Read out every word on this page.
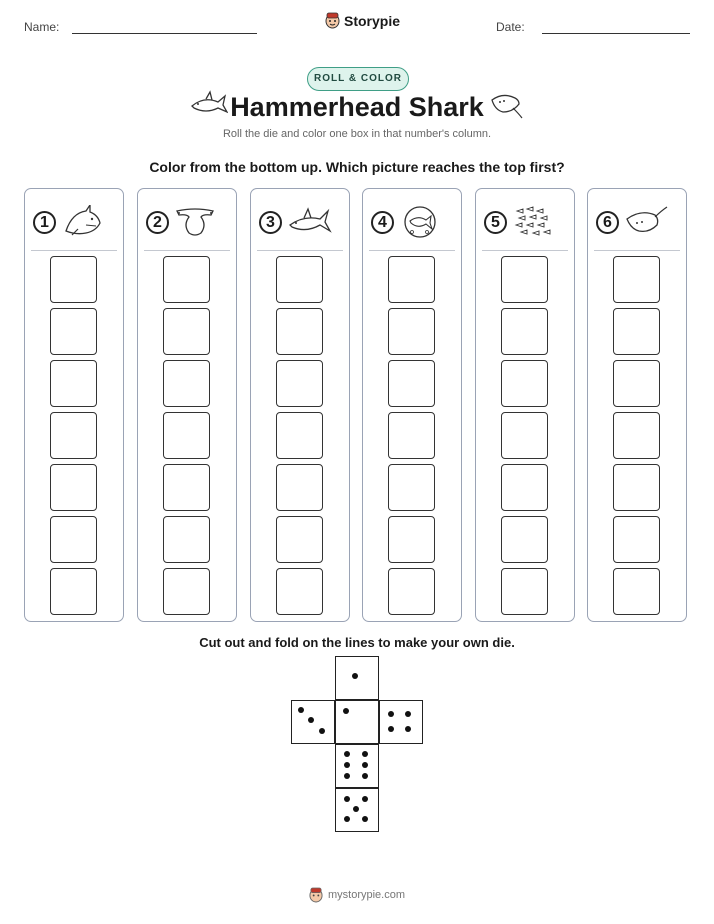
Name:	Storypie	Date:
ROLL & COLOR
Hammerhead Shark
Roll the die and color one box in that number's column.
Color from the bottom up. Which picture reaches the top first?
1	2	3	4	5	6
Cut out and fold on the lines to make your own die.
mystorypie.com
